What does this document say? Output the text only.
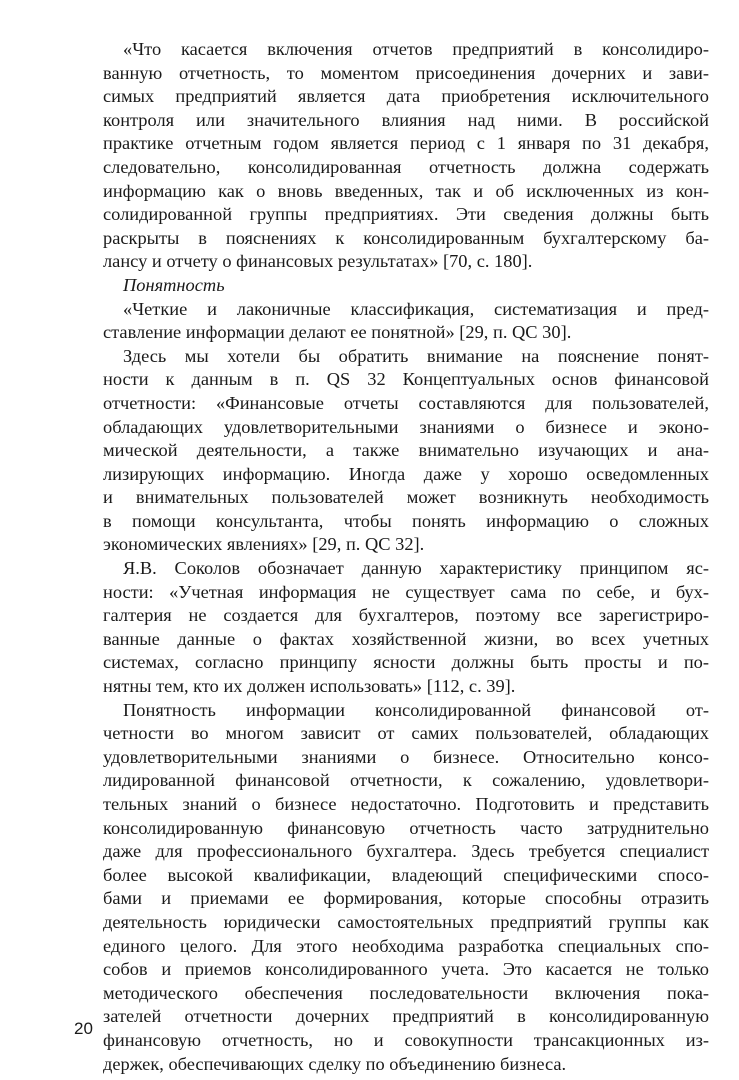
«Что касается включения отчетов предприятий в консолидиро-
ванную отчетность, то моментом присоединения дочерних и зави-
симых предприятий является дата приобретения исключительного
контроля или значительного влияния над ними. В российской
практике отчетным годом является период с 1 января по 31 декабря,
следовательно, консолидированная отчетность должна содержать
информацию как о вновь введенных, так и об исключенных из кон-
солидированной группы предприятиях. Эти сведения должны быть
раскрыты в пояснениях к консолидированным бухгалтерскому ба-
лансу и отчету о финансовых результатах» [70, с. 180].
Понятность
«Четкие и лаконичные классификация, систематизация и пред-
ставление информации делают ее понятной» [29, п. QC 30].
Здесь мы хотели бы обратить внимание на пояснение понят-
ности к данным в п. QS 32 Концептуальных основ финансовой
отчетности: «Финансовые отчеты составляются для пользователей,
обладающих удовлетворительными знаниями о бизнесе и эконо-
мической деятельности, а также внимательно изучающих и ана-
лизирующих информацию. Иногда даже у хорошо осведомленных
и внимательных пользователей может возникнуть необходимость
в помощи консультанта, чтобы понять информацию о сложных
экономических явлениях» [29, п. QC 32].
Я.В. Соколов обозначает данную характеристику принципом яс-
ности: «Учетная информация не существует сама по себе, и бух-
галтерия не создается для бухгалтеров, поэтому все зарегистриро-
ванные данные о фактах хозяйственной жизни, во всех учетных
системах, согласно принципу ясности должны быть просты и по-
нятны тем, кто их должен использовать» [112, с. 39].
Понятность информации консолидированной финансовой от-
четности во многом зависит от самих пользователей, обладающих
удовлетворительными знаниями о бизнесе. Относительно консо-
лидированной финансовой отчетности, к сожалению, удовлетвори-
тельных знаний о бизнесе недостаточно. Подготовить и представить
консолидированную финансовую отчетность часто затруднительно
даже для профессионального бухгалтера. Здесь требуется специалист
более высокой квалификации, владеющий специфическими спосо-
бами и приемами ее формирования, которые способны отразить
деятельность юридически самостоятельных предприятий группы как
единого целого. Для этого необходима разработка специальных спо-
собов и приемов консолидированного учета. Это касается не только
методического обеспечения последовательности включения пока-
зателей отчетности дочерних предприятий в консолидированную
финансовую отчетность, но и совокупности трансакционных из-
держек, обеспечивающих сделку по объединению бизнеса.
20
